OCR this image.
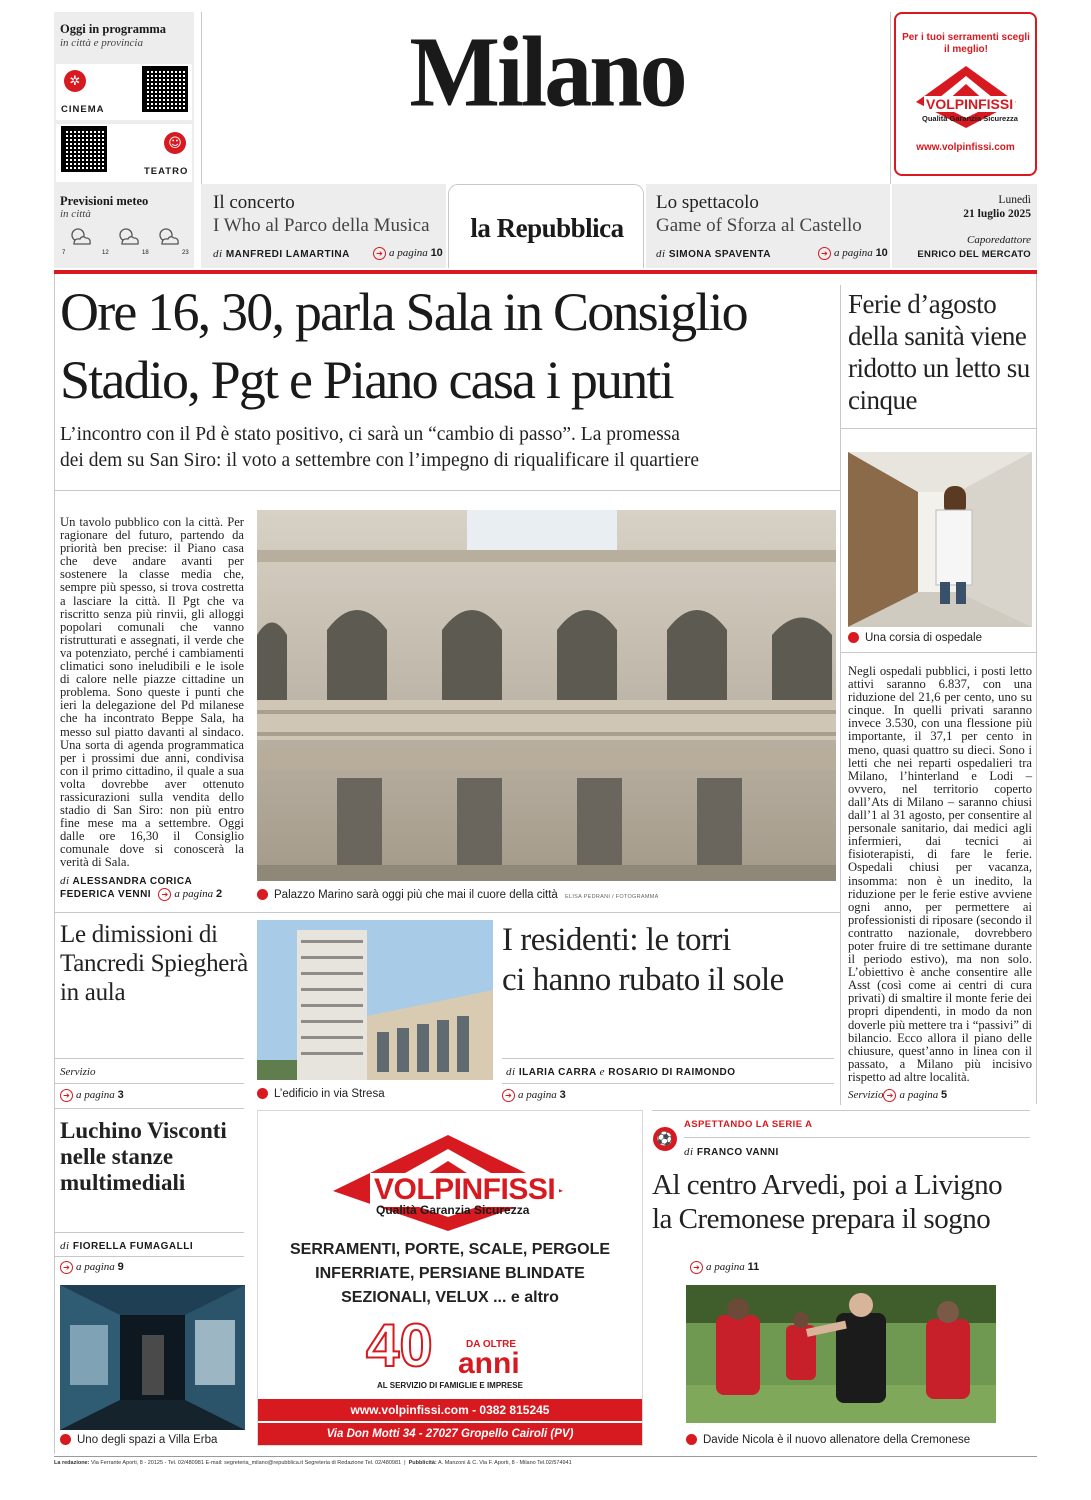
Oggi in programma
in città e provincia
✲
CINEMA
☺
TEATRO
Milano	Per i tuoi serramenti scegli il meglio!
VOLPINFISSI
Qualità Garanzia Sicurezza
www.volpinfissi.com
Previsioni meteo
in città
7	12	18	23
Il concerto
I Who al Parco della Musica
di MANFREDI LAMARTINA	➔ a pagina 10
la Repubblica
Lo spettacolo
Game of Sforza al Castello
di SIMONA SPAVENTA	➔ a pagina 10
Lunedì
21 luglio 2025
Caporedattore
ENRICO DEL MERCATO
Ore 16, 30, parla Sala in Consiglio
Stadio, Pgt e Piano casa i punti
L’incontro con il Pd è stato positivo, ci sarà un “cambio di passo”. La promessa
dei dem su San Siro: il voto a settembre con l’impegno di riqualificare il quartiere
Un tavolo pubblico con la città. Per ragionare del futuro, partendo da priorità ben precise: il Piano casa che deve andare avanti per sostenere la classe media che, sempre più spesso, si trova costretta a lasciare la città. Il Pgt che va riscritto senza più rinvii, gli alloggi popolari comunali che vanno ristrutturati e assegnati, il verde che va potenziato, perché i cambiamenti climatici sono ineludibili e le isole di calore nelle piazze cittadine un problema. Sono queste i punti che ieri la delegazione del Pd milanese che ha incontrato Beppe Sala, ha messo sul piatto davanti al sindaco. Una sorta di agenda programmatica per i prossimi due anni, condivisa con il primo cittadino, il quale a sua volta dovrebbe aver ottenuto rassicurazioni sulla vendita dello stadio di San Siro: non più entro fine mese ma a settembre. Oggi dalle ore 16,30 il Consiglio comunale dove si conoscerà la verità di Sala.
di ALESSANDRA CORICA
FEDERICA VENNI ➔ a pagina 2	Palazzo Marino sarà oggi più che mai il cuore della città ELISA PEDRANI / FOTOGRAMMA
Ferie d’agosto della sanità viene ridotto un letto su cinque
Una corsia di ospedale
Negli ospedali pubblici, i posti letto attivi saranno 6.837, con una riduzione del 21,6 per cento, uno su cinque. In quelli privati saranno invece 3.530, con una flessione più importante, il 37,1 per cento in meno, quasi quattro su dieci. Sono i letti che nei reparti ospedalieri tra Milano, l’hinterland e Lodi – ovvero, nel territorio coperto dall’Ats di Milano – saranno chiusi dall’1 al 31 agosto, per consentire al personale sanitario, dai medici agli infermieri, dai tecnici ai fisioterapisti, di fare le ferie. Ospedali chiusi per vacanza, insomma: non è un inedito, la riduzione per le ferie estive avviene ogni anno, per permettere ai professionisti di riposare (secondo il contratto nazionale, dovrebbero poter fruire di tre settimane durante il periodo estivo), ma non solo. L’obiettivo è anche consentire alle Asst (così come ai centri di cura privati) di smaltire il monte ferie dei propri dipendenti, in modo da non doverle più mettere tra i “passivi” di bilancio. Ecco allora il piano delle chiusure, quest’anno in linea con il passato, a Milano più incisivo rispetto ad altre località.
Servizio ➔ a pagina 5
Le dimissioni di Tancredi Spiegherà in aula
Servizio
➔ a pagina 3	L’edificio in via Stresa
I residenti: le torri
ci hanno rubato il sole
di ILARIA CARRA e ROSARIO DI RAIMONDO
➔ a pagina 3
Luchino Visconti nelle stanze multimediali
di FIORELLA FUMAGALLI
➔ a pagina 9
Uno degli spazi a Villa Erba
VOLPINFISSI
Qualità Garanzia Sicurezza
SERRAMENTI, PORTE, SCALE, PERGOLE
INFERRIATE, PERSIANE BLINDATE
SEZIONALI, VELUX ... e altro
40	DA OLTRE
anni
AL SERVIZIO DI FAMIGLIE E IMPRESE
www.volpinfissi.com - 0382 815245
Via Don Motti 34 - 27027 Gropello Cairoli (PV)
⚽
ASPETTANDO LA SERIE A
di FRANCO VANNI
Al centro Arvedi, poi a Livigno
la Cremonese prepara il sogno
➔ a pagina 11
Davide Nicola è il nuovo allenatore della Cremonese
La redazione: Via Ferrante Aporti, 8 - 20125 - Tel. 02/480981 E-mail: segreteria_milano@repubblica.it Segreteria di Redazione Tel. 02/480981  |  Pubblicità: A. Manzoni & C. Via F. Aporti, 8 - Milano Tel.02/574941
